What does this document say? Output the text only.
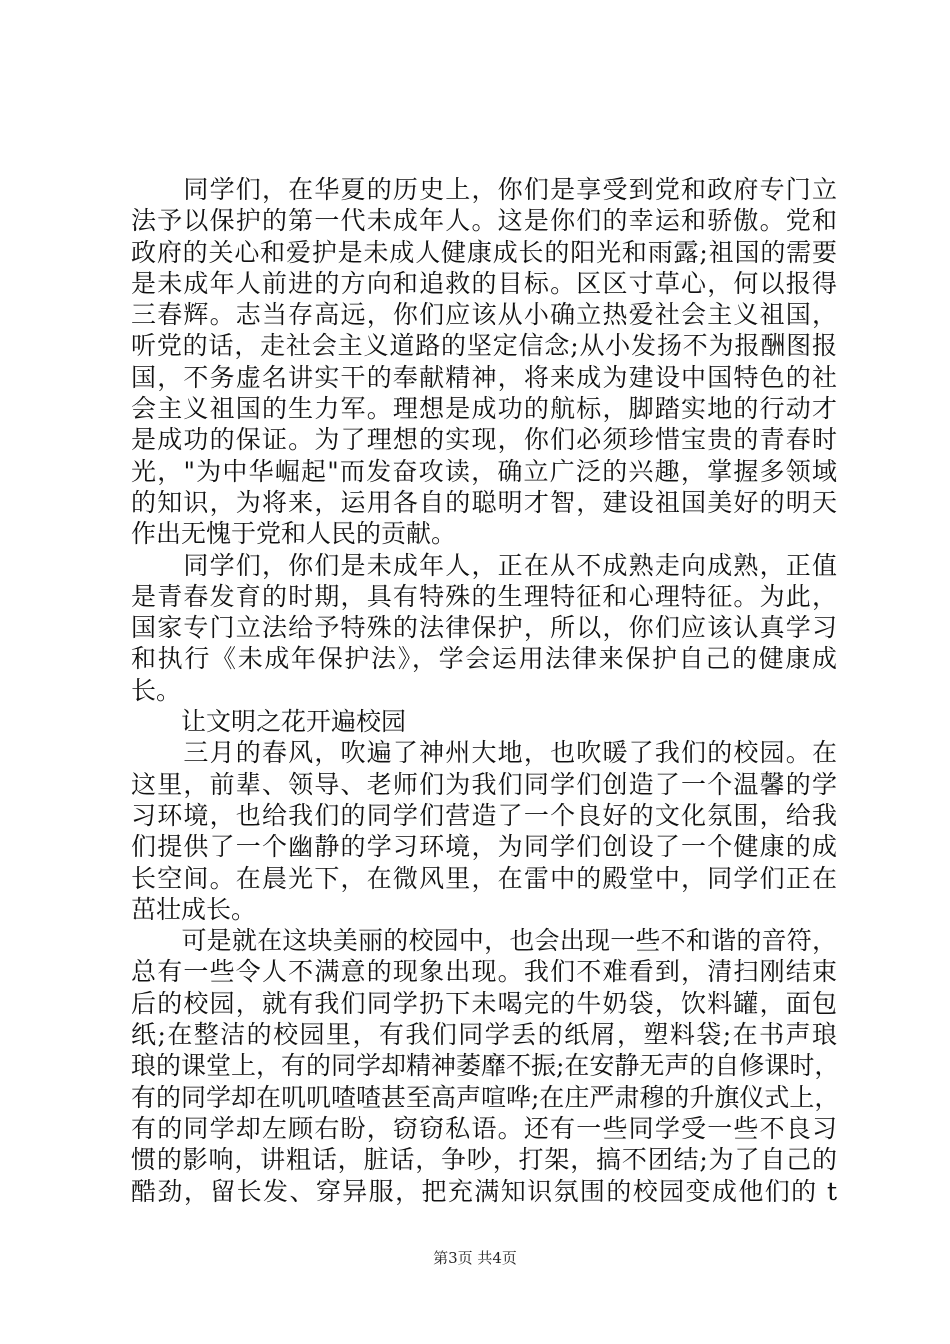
　　同学们，在华夏的历史上，你们是享受到党和政府专门立
法予以保护的第一代未成年人。这是你们的幸运和骄傲。党和
政府的关心和爱护是未成人健康成长的阳光和雨露;祖国的需要
是未成年人前进的方向和追救的目标。区区寸草心，何以报得
三春辉。志当存高远，你们应该从小确立热爱社会主义祖国，
听党的话，走社会主义道路的坚定信念;从小发扬不为报酬图报
国，不务虚名讲实干的奉献精神，将来成为建设中国特色的社
会主义祖国的生力军。理想是成功的航标，脚踏实地的行动才
是成功的保证。为了理想的实现，你们必须珍惜宝贵的青春时
光，"为中华崛起"而发奋攻读，确立广泛的兴趣，掌握多领域
的知识，为将来，运用各自的聪明才智，建设祖国美好的明天
作出无愧于党和人民的贡献。
　　同学们，你们是未成年人，正在从不成熟走向成熟，正值
是青春发育的时期，具有特殊的生理特征和心理特征。为此，
国家专门立法给予特殊的法律保护，所以，你们应该认真学习
和执行《未成年保护法》，学会运用法律来保护自己的健康成
长。
　　让文明之花开遍校园
　　三月的春风，吹遍了神州大地，也吹暖了我们的校园。在
这里，前辈、领导、老师们为我们同学们创造了一个温馨的学
习环境，也给我们的同学们营造了一个良好的文化氛围，给我
们提供了一个幽静的学习环境，为同学们创设了一个健康的成
长空间。在晨光下，在微风里，在雷中的殿堂中，同学们正在
茁壮成长。
　　可是就在这块美丽的校园中，也会出现一些不和谐的音符，
总有一些令人不满意的现象出现。我们不难看到，清扫刚结束
后的校园，就有我们同学扔下未喝完的牛奶袋，饮料罐，面包
纸;在整洁的校园里，有我们同学丢的纸屑，塑料袋;在书声琅
琅的课堂上，有的同学却精神萎靡不振;在安静无声的自修课时，
有的同学却在叽叽喳喳甚至高声喧哗;在庄严肃穆的升旗仪式上，
有的同学却左顾右盼，窃窃私语。还有一些同学受一些不良习
惯的影响，讲粗话，脏话，争吵，打架，搞不团结;为了自己的
酷劲，留长发、穿异服，把充满知识氛围的校园变成他们的 t
第3页 共4页
